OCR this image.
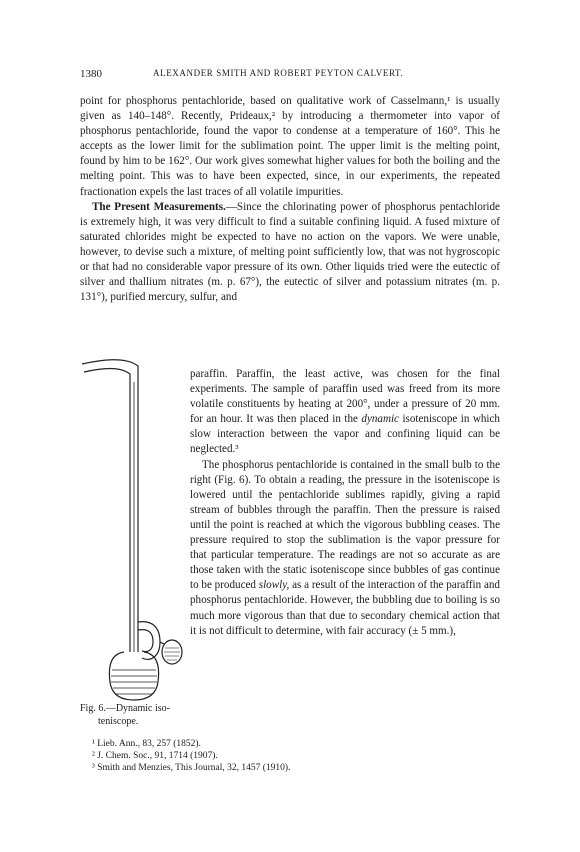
1380	ALEXANDER SMITH AND ROBERT PEYTON CALVERT.

point for phosphorus pentachloride, based on qualitative work of Casselmann,¹ is usually given as 140–148°. Recently, Prideaux,² by introducing a thermometer into vapor of phosphorus pentachloride, found the vapor to condense at a temperature of 160°. This he accepts as the lower limit for the sublimation point. The upper limit is the melting point, found by him to be 162°. Our work gives somewhat higher values for both the boiling and the melting point. This was to have been expected, since, in our experiments, the repeated fractionation expels the last traces of all volatile impurities.

The Present Measurements.—Since the chlorinating power of phosphorus pentachloride is extremely high, it was very difficult to find a suitable confining liquid. A fused mixture of saturated chlorides might be expected to have no action on the vapors. We were unable, however, to devise such a mixture, of melting point sufficiently low, that was not hygroscopic or that had no considerable vapor pressure of its own. Other liquids tried were the eutectic of silver and thallium nitrates (m. p. 67°), the eutectic of silver and potassium nitrates (m. p. 131°), purified mercury, sulfur, and

paraffin. Paraffin, the least active, was chosen for the final experiments. The sample of paraffin used was freed from its more volatile constituents by heating at 200°, under a pressure of 20 mm. for an hour. It was then placed in the dynamic isoteniscope in which slow interaction between the vapor and confining liquid can be neglected.³

The phosphorus pentachloride is contained in the small bulb to the right (Fig. 6). To obtain a reading, the pressure in the isoteniscope is lowered until the pentachloride sublimes rapidly, giving a rapid stream of bubbles through the paraffin. Then the pressure is raised until the point is reached at which the vigorous bubbling ceases. The pressure required to stop the sublimation is the vapor pressure for that particular temperature. The readings are not so accurate as are those taken with the static isoteniscope since bubbles of gas continue to be produced slowly, as a result of the interaction of the paraffin and phosphorus pentachloride. However, the bubbling due to boiling is so much more vigorous than that due to secondary chemical action that it is not difficult to determine, with fair accuracy (± 5 mm.),

Fig. 6.—Dynamic iso-
teniscope.
¹ Lieb. Ann., 83, 257 (1852).
² J. Chem. Soc., 91, 1714 (1907).
³ Smith and Menzies, This Journal, 32, 1457 (1910).
